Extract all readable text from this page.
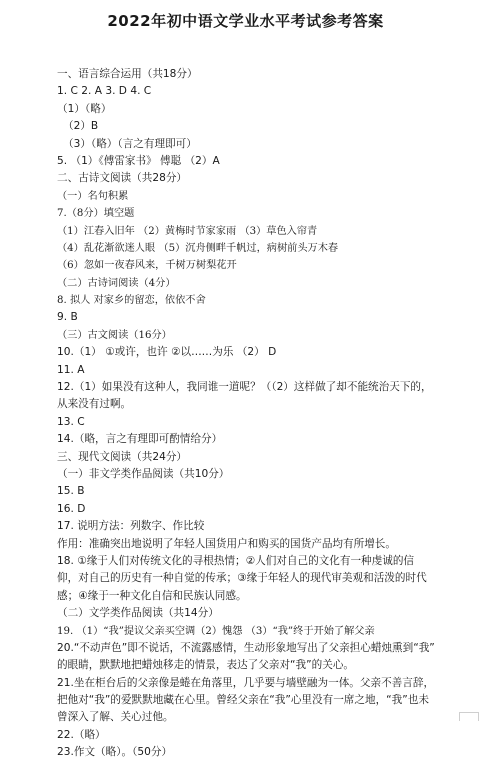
2022年初中语文学业水平考试参考答案
一、语言综合运用（共18分）
1. C 2. A 3. D 4. C
（1）（略）
（2）B
（3）（略）（言之有理即可）
5. （1）《傅雷家书》 傅聪 （2）A
二、古诗文阅读（共28分）
（一）名句积累
7.（8分）填空题
（1）江春入旧年 （2）黄梅时节家家雨 （3）草色入帘青
（4）乱花渐欲迷人眼 （5）沉舟侧畔千帆过，病树前头万木春
（6）忽如一夜春风来，千树万树梨花开
（二）古诗词阅读（4分）
8. 拟人 对家乡的留恋，依依不舍
9. B
（三）古文阅读（16分）
10.（1） ①或许，也许 ②以……为乐 （2） D
11. A
12.（1）如果没有这种人，我同谁一道呢？（（2）这样做了却不能统治天下的，
从来没有过啊。
13. C
14.（略，言之有理即可酌情给分）
三、现代文阅读（共24分）
（一）非文学类作品阅读（共10分）
15. B
16. D
17. 说明方法：列数字、作比较
作用：准确突出地说明了年轻人国货用户和购买的国货产品均有所增长。
18. ①缘于人们对传统文化的寻根热情；②人们对自己的文化有一种虔诚的信
仰，对自己的历史有一种自觉的传承；③缘于年轻人的现代审美观和活泼的时代
感；④缘于一种文化自信和民族认同感。
（二）文学类作品阅读（共14分）
19. （1）“我”提议父亲买空调（2）愧怨 （3）“我”终于开始了解父亲
20.“不动声色”即不说话，不流露感情，生动形象地写出了父亲担心蜡烛熏到“我”
的眼睛，默默地把蜡烛移走的情景，表达了父亲对“我”的关心。
21.坐在柜台后的父亲像是蜷在角落里，几乎要与墙壁融为一体。父亲不善言辞，
把他对“我”的爱默默地藏在心里。曾经父亲在“我”心里没有一席之地，“我”也未
曾深入了解、关心过他。
22.（略）
23.作文（略）。（50分）
